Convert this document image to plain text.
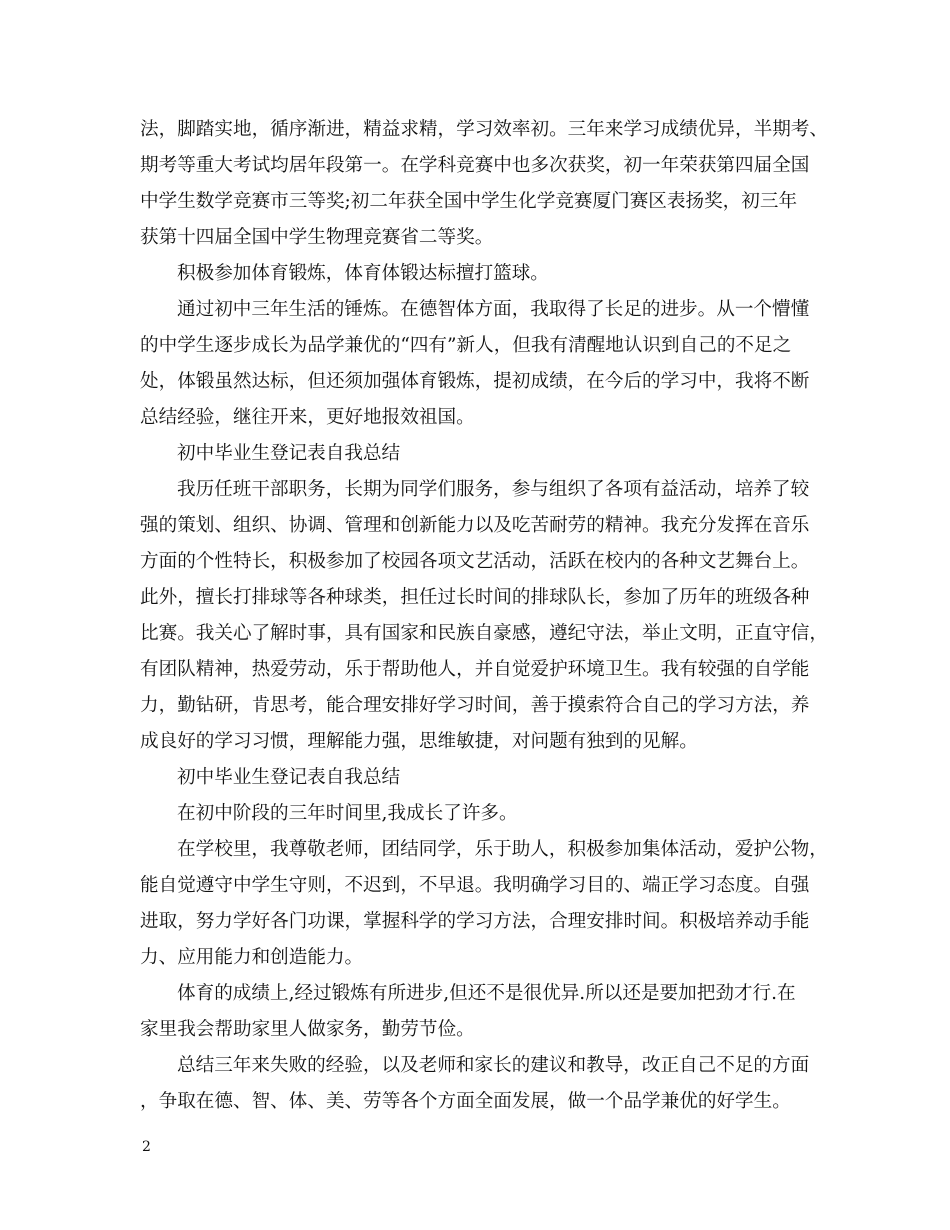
法，脚踏实地，循序渐进，精益求精，学习效率初。三年来学习成绩优异，半期考、
期考等重大考试均居年段第一。在学科竞赛中也多次获奖，初一年荣获第四届全国
中学生数学竞赛市三等奖;初二年获全国中学生化学竞赛厦门赛区表扬奖，初三年
获第十四届全国中学生物理竞赛省二等奖。
积极参加体育锻炼，体育体锻达标擅打篮球。
通过初中三年生活的锤炼。在德智体方面，我取得了长足的进步。从一个懵懂
的中学生逐步成长为品学兼优的“四有”新人，但我有清醒地认识到自己的不足之
处，体锻虽然达标，但还须加强体育锻炼，提初成绩，在今后的学习中，我将不断
总结经验，继往开来，更好地报效祖国。
初中毕业生登记表自我总结
我历任班干部职务，长期为同学们服务，参与组织了各项有益活动，培养了较
强的策划、组织、协调、管理和创新能力以及吃苦耐劳的精神。我充分发挥在音乐
方面的个性特长，积极参加了校园各项文艺活动，活跃在校内的各种文艺舞台上。
此外，擅长打排球等各种球类，担任过长时间的排球队长，参加了历年的班级各种
比赛。我关心了解时事，具有国家和民族自豪感，遵纪守法，举止文明，正直守信，
有团队精神，热爱劳动，乐于帮助他人，并自觉爱护环境卫生。我有较强的自学能
力，勤钻研，肯思考，能合理安排好学习时间，善于摸索符合自己的学习方法，养
成良好的学习习惯，理解能力强，思维敏捷，对问题有独到的见解。
初中毕业生登记表自我总结
在初中阶段的三年时间里,我成长了许多。
在学校里，我尊敬老师，团结同学，乐于助人，积极参加集体活动，爱护公物，
能自觉遵守中学生守则，不迟到，不早退。我明确学习目的、端正学习态度。自强
进取，努力学好各门功课，掌握科学的学习方法，合理安排时间。积极培养动手能
力、应用能力和创造能力。
体育的成绩上,经过锻炼有所进步,但还不是很优异.所以还是要加把劲才行.在
家里我会帮助家里人做家务，勤劳节俭。
总结三年来失败的经验，以及老师和家长的建议和教导，改正自己不足的方面
，争取在德、智、体、美、劳等各个方面全面发展，做一个品学兼优的好学生。
2
